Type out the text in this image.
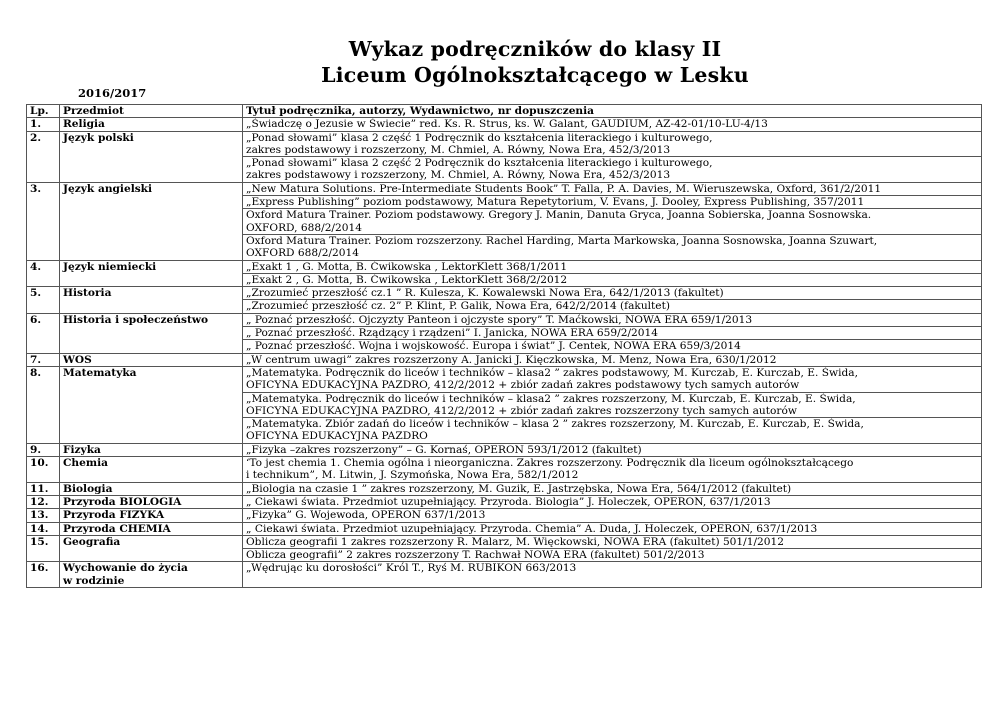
Wykaz podręczników do klasy II
Liceum Ogólnokształcącego w Lesku
2016/2017
Lp.	Przedmiot	Tytuł podręcznika, autorzy, Wydawnictwo, nr dopuszczenia
1.	Religia	„Świadczę o Jezusie w Świecie” red. Ks. R. Strus, ks. W. Galant, GAUDIUM, AZ-42-01/10-LU-4/13

2.	Język polski	„Ponad słowami” klasa 2 część 1 Podręcznik do kształcenia literackiego i kulturowego,
zakres podstawowy i rozszerzony, M. Chmiel, A. Równy, Nowa Era, 452/3/2013

		„Ponad słowami” klasa 2 część 2 Podręcznik do kształcenia literackiego i kulturowego,
zakres podstawowy i rozszerzony, M. Chmiel, A. Równy, Nowa Era, 452/3/2013

3.	Język angielski	„New Matura Solutions. Pre-Intermediate Students Book” T. Falla, P. A. Davies, M. Wieruszewska, Oxford, 361/2/2011

		„Express Publishing” poziom podstawowy, Matura Repetytorium, V. Evans, J. Dooley, Express Publishing, 357/2011

		Oxford Matura Trainer. Poziom podstawowy. Gregory J. Manin, Danuta Gryca, Joanna Sobierska, Joanna Sosnowska.
OXFORD, 688/2/2014

		Oxford Matura Trainer. Poziom rozszerzony. Rachel Harding, Marta Markowska, Joanna Sosnowska, Joanna Szuwart,
OXFORD 688/2/2014

4.	Język niemiecki	„Exakt 1 , G. Motta, B. Ćwikowska , LektorKlett 368/1/2011

		„Exakt 2 , G. Motta, B. Ćwikowska , LektorKlett 368/2/2012

5.	Historia	„Zrozumieć przeszłość cz.1 ” R. Kulesza, K. Kowalewski Nowa Era, 642/1/2013 (fakultet)

		„Zrozumieć przeszłość cz. 2” P. Klint, P. Galik, Nowa Era, 642/2/2014 (fakultet)

6.	Historia i społeczeństwo	„ Poznać przeszłość. Ojczyzty Panteon i ojczyste spory” T. Maćkowski, NOWA ERA 659/1/2013

		„ Poznać przeszłość. Rządzący i rządzeni” I. Janicka, NOWA ERA 659/2/2014

		„ Poznać przeszłość. Wojna i wojskowość. Europa i świat” J. Centek, NOWA ERA 659/3/2014

7.	WOS	„W centrum uwagi” zakres rozszerzony A. Janicki J. Kięczkowska, M. Menz, Nowa Era, 630/1/2012

8.	Matematyka	„Matematyka. Podręcznik do liceów i techników – klasa2 ” zakres podstawowy, M. Kurczab, E. Kurczab, E. Świda,
OFICYNA EDUKACYJNA PAZDRO, 412/2/2012 + zbiór zadań zakres podstawowy tych samych autorów

		„Matematyka. Podręcznik do liceów i techników – klasa2 ” zakres rozszerzony, M. Kurczab, E. Kurczab, E. Świda,
OFICYNA EDUKACYJNA PAZDRO, 412/2/2012 + zbiór zadań zakres rozszerzony tych samych autorów

		„Matematyka. Zbiór zadań do liceów i techników – klasa 2 ” zakres rozszerzony, M. Kurczab, E. Kurczab, E. Świda,
OFICYNA EDUKACYJNA PAZDRO

9.	Fizyka	„Fizyka –zakres rozszerzony” – G. Kornaś, OPERON 593/1/2012 (fakultet)

10.	Chemia	‘To jest chemia 1. Chemia ogólna i nieorganiczna. Zakres rozszerzony. Podręcznik dla liceum ogólnokształcącego
i technikum”, M. Litwin, J. Szymońska, Nowa Era, 582/1/2012

11.	Biologia	„Biologia na czasie 1 ” zakres rozszerzony, M. Guzik, E. Jastrzębska, Nowa Era, 564/1/2012 (fakultet)

12.	Przyroda BIOLOGIA	„ Ciekawi świata. Przedmiot uzupełniający. Przyroda. Biologia” J. Holeczek, OPERON, 637/1/2013

13.	Przyroda FIZYKA	„Fizyka” G. Wojewoda, OPERON 637/1/2013

14.	Przyroda CHEMIA	„ Ciekawi świata. Przedmiot uzupełniający. Przyroda. Chemia” A. Duda, J. Holeczek, OPERON, 637/1/2013

15.	Geografia	Oblicza geografii 1 zakres rozszerzony R. Malarz, M. Więckowski, NOWA ERA (fakultet) 501/1/2012

		Oblicza geografii” 2 zakres rozszerzony T. Rachwał NOWA ERA (fakultet) 501/2/2013

16.	Wychowanie do życia
w rodzinie	„Wędrując ku dorosłości” Król T., Ryś M. RUBIKON 663/2013
